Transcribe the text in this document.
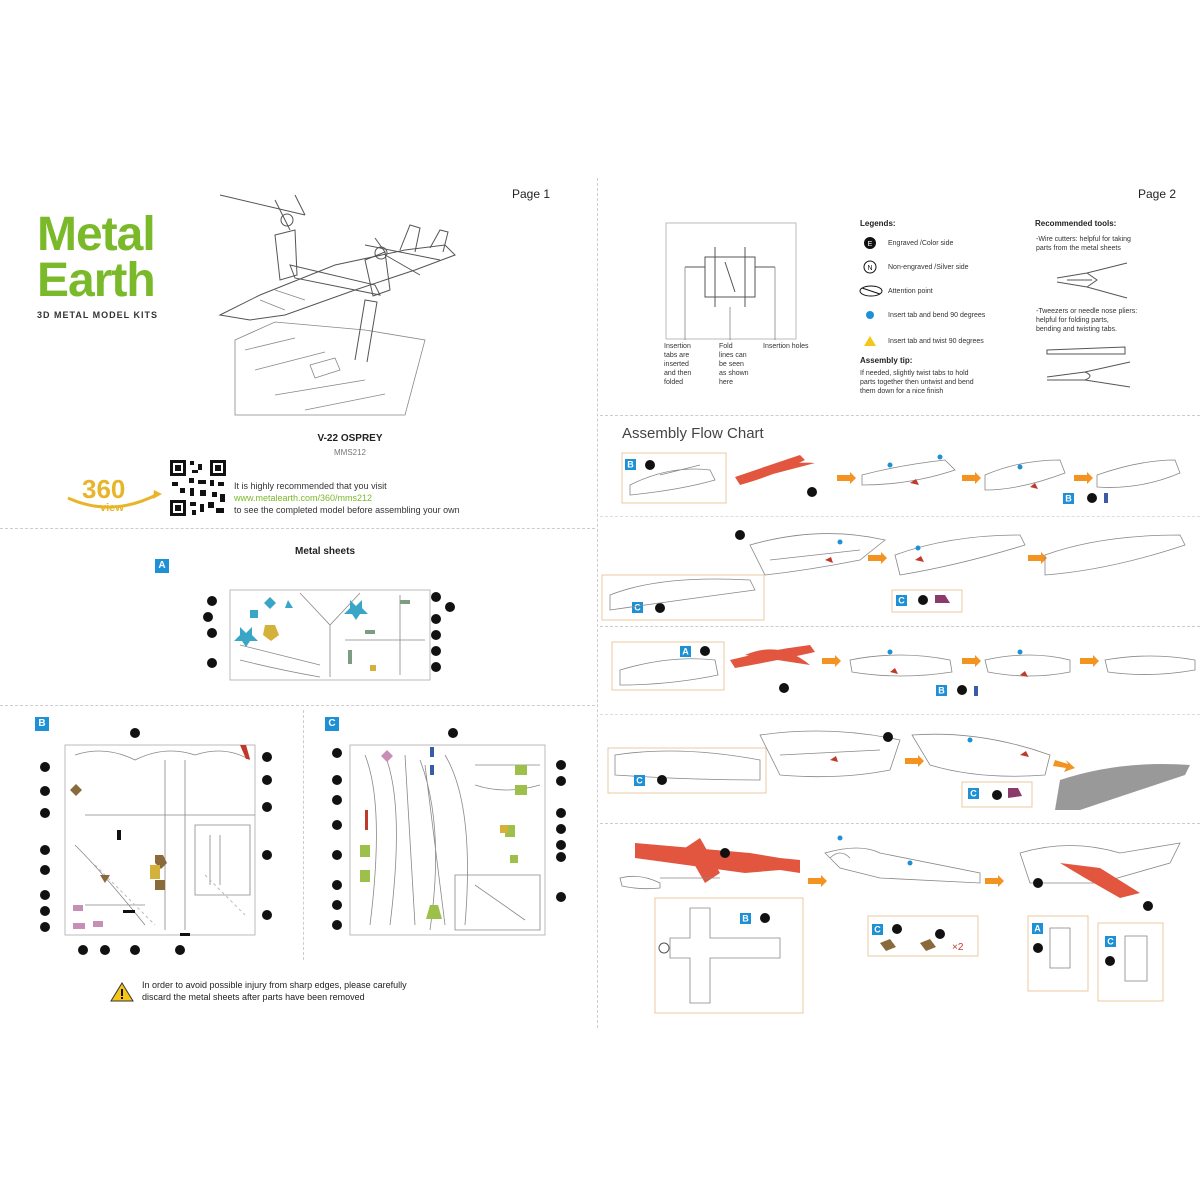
Page 1
Metal
Earth
3D METAL MODEL KITS
V-22 OSPREY
MMS212
360
view
It is highly recommended that you visit
www.metalearth.com/360/mms212
to see the completed model before assembling your own
Metal sheets
A
B	C
In order to avoid possible injury from sharp edges, please carefully
discard the metal sheets after parts have been removed
Page 2
Insertion
tabs are
inserted
and then
folded
Fold
lines can
be seen
as shown
here
Insertion holes
Legends:
E Engraved /Color side
N Non-engraved /Silver side
Attention point
Insert tab and bend 90 degrees
Insert tab and twist 90 degrees
Assembly tip:
If needed, slightly twist tabs to hold
parts together then untwist and bend
them down for a nice finish
Recommended tools:
-Wire cutters: helpful for taking
parts from the metal sheets
-Tweezers or needle nose pliers:
helpful for folding parts,
bending and twisting tabs.
Assembly Flow Chart
B
B
C
C
A
B
C
C
B
C
×2
A
C
